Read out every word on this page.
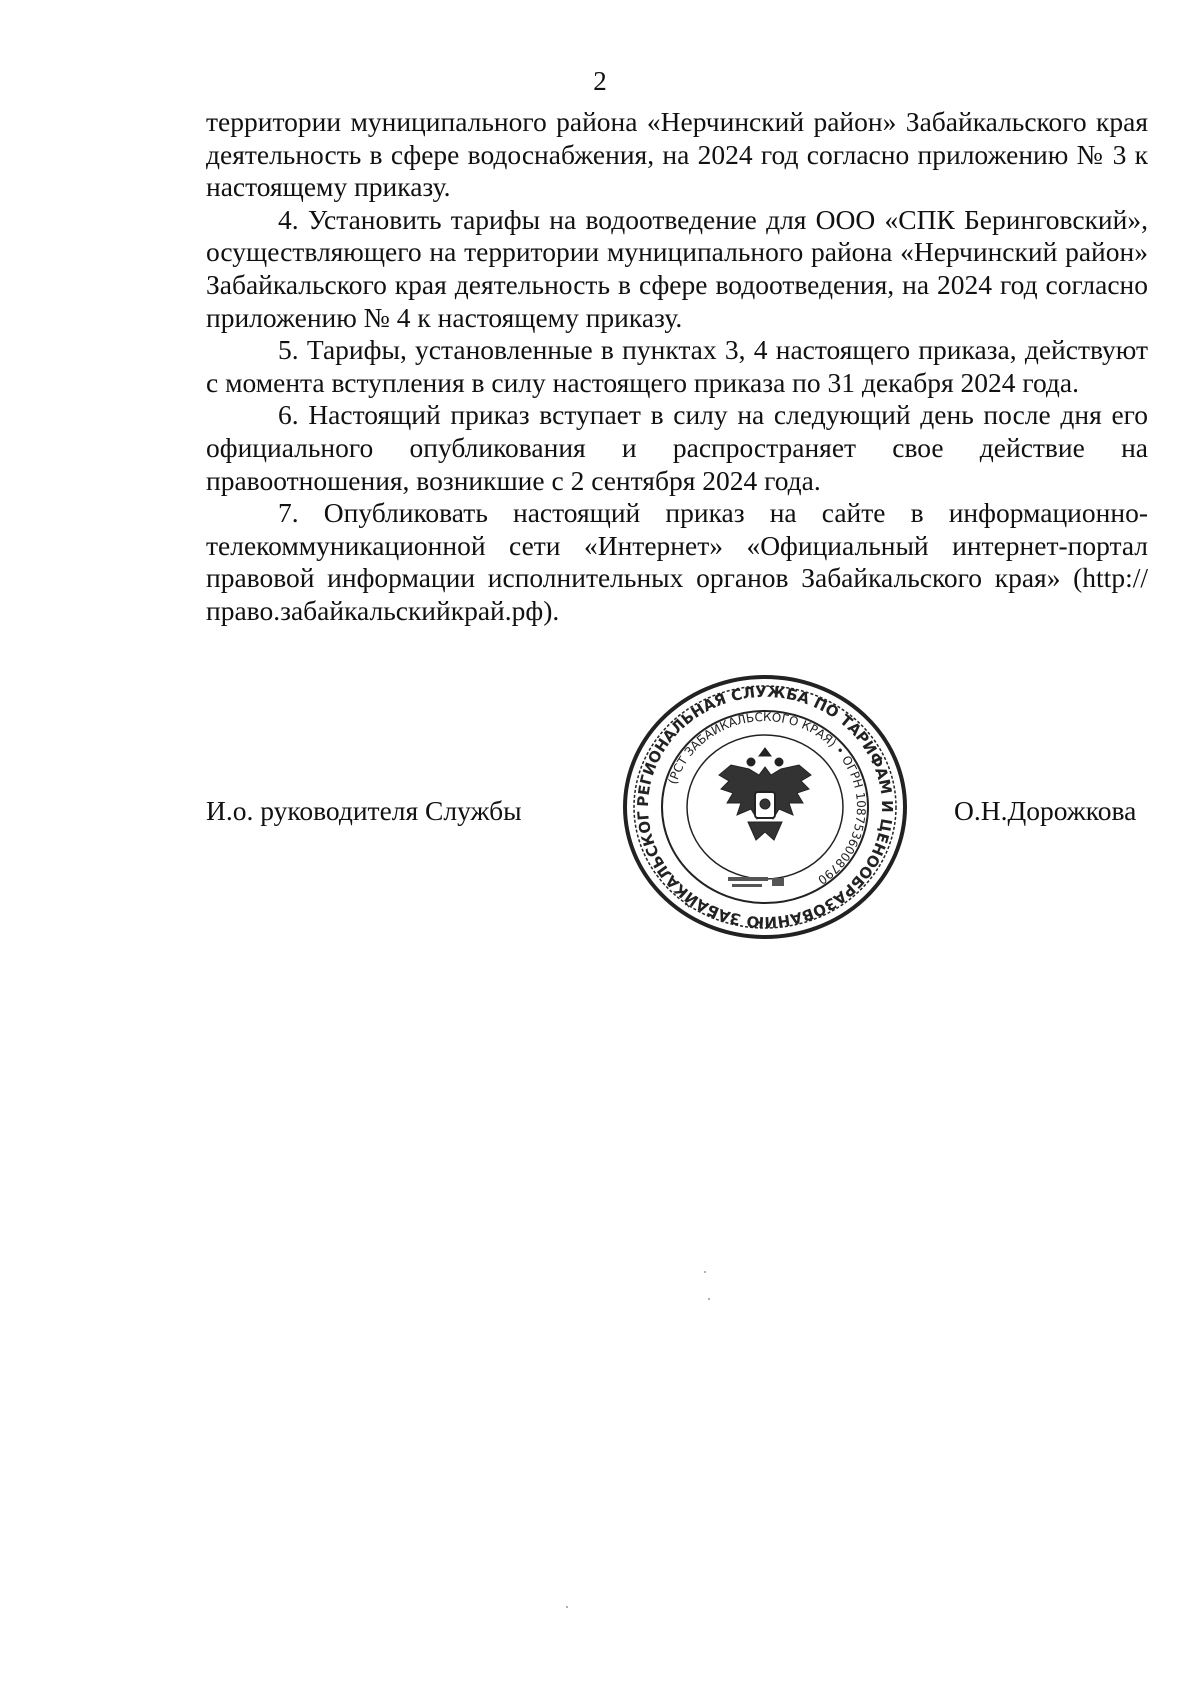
2

территории муниципального района «Нерчинский район» Забайкальского края деятельность в сфере водоснабжения, на 2024 год согласно приложению № 3 к настоящему приказу.

4. Установить тарифы на водоотведение для ООО «СПК Беринговский», осуществляющего на территории муниципального района «Нерчинский район» Забайкальского края деятельность в сфере водоотведения, на 2024 год согласно приложению № 4 к настоящему приказу.

5. Тарифы, установленные в пунктах 3, 4 настоящего приказа, действуют с момента вступления в силу настоящего приказа по 31 декабря 2024 года.

6. Настоящий приказ вступает в силу на следующий день после дня его официального опубликования и распространяет свое действие на правоотношения, возникшие с 2 сентября 2024 года.

7. Опубликовать настоящий приказ на сайте в информационно-телекоммуникационной сети «Интернет» «Официальный интернет-портал правовой информации исполнительных органов Забайкальского края» (http://право.забайкальскийкрай.рф).

И.о. руководителя Службы	О.Н.Дорожкова
РЕГИОНАЛЬНАЯ СЛУЖБА ПО ТАРИФАМ И ЦЕНООБРАЗОВАНИЮ ЗАБАЙКАЛЬСКОГ
(РСТ ЗАБАЙКАЛЬСКОГО КРАЯ) • ОГРН 1087536008790
